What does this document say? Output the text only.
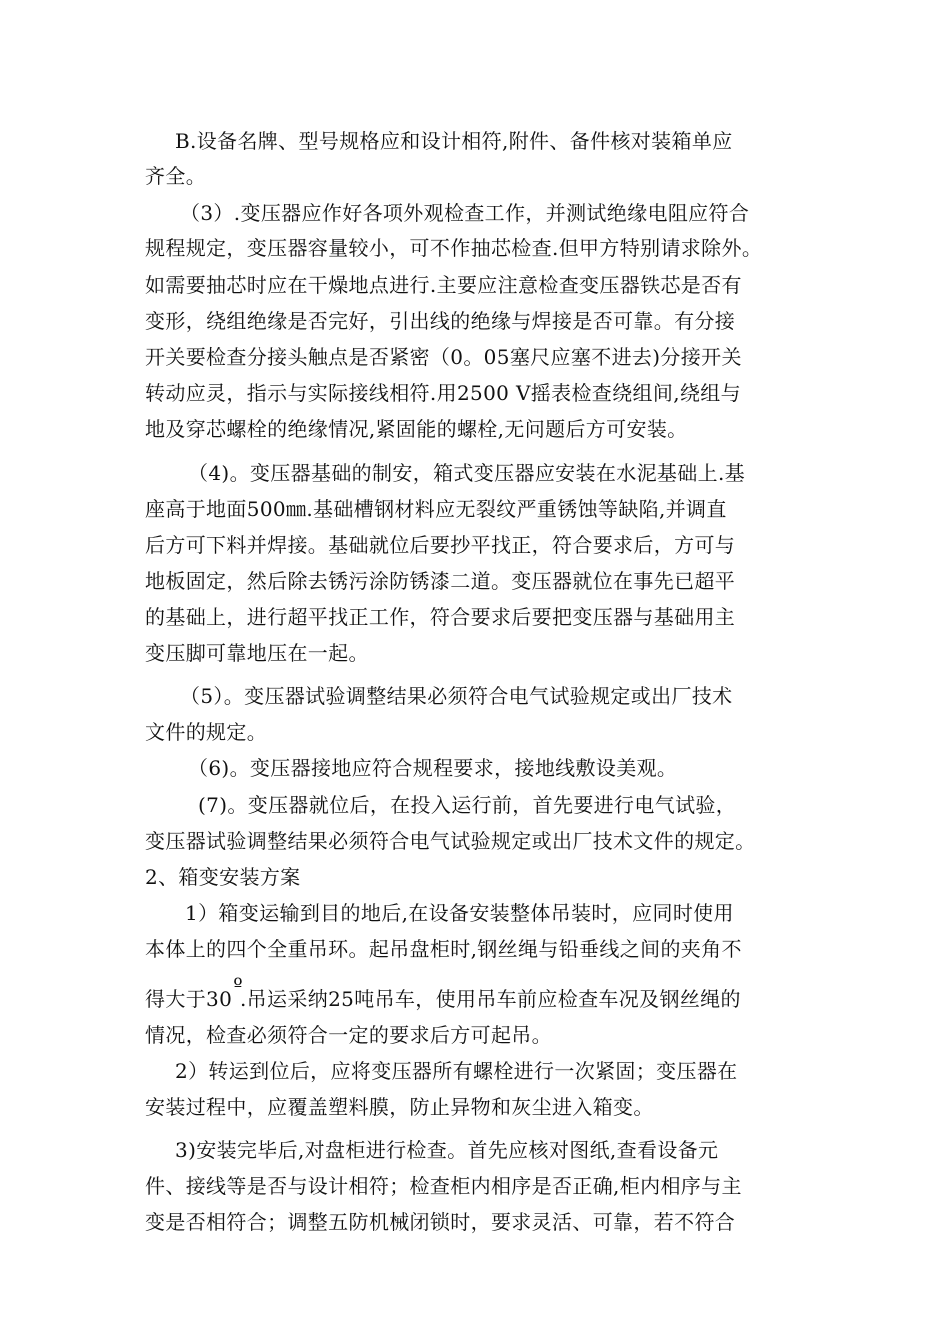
B.设备名牌、型号规格应和设计相符,附件、备件核对装箱单应
齐全。
（3）.变压器应作好各项外观检查工作，并测试绝缘电阻应符合
规程规定，变压器容量较小，可不作抽芯检查.但甲方特别请求除外。
如需要抽芯时应在干燥地点进行.主要应注意检查变压器铁芯是否有
变形，绕组绝缘是否完好，引出线的绝缘与焊接是否可靠。有分接
开关要检查分接头触点是否紧密（0。05塞尺应塞不进去)分接开关
转动应灵，指示与实际接线相符.用2500 V摇表检查绕组间,绕组与
地及穿芯螺栓的绝缘情况,紧固能的螺栓,无问题后方可安装。
（4)。变压器基础的制安，箱式变压器应安装在水泥基础上.基
座高于地面500㎜.基础槽钢材料应无裂纹严重锈蚀等缺陷,并调直
后方可下料并焊接。基础就位后要抄平找正，符合要求后，方可与
地板固定，然后除去锈污涂防锈漆二道。变压器就位在事先已超平
的基础上，进行超平找正工作，符合要求后要把变压器与基础用主
变压脚可靠地压在一起。
（5）。变压器试验调整结果必须符合电气试验规定或出厂技术
文件的规定。
（6)。变压器接地应符合规程要求，接地线敷设美观。
(7)。变压器就位后，在投入运行前，首先要进行电气试验，
变压器试验调整结果必须符合电气试验规定或出厂技术文件的规定。
2、箱变安装方案
1）箱变运输到目的地后,在设备安装整体吊装时，应同时使用
本体上的四个全重吊环。起吊盘柜时,钢丝绳与铅垂线之间的夹角不
得大于30º.吊运采纳25吨吊车，使用吊车前应检查车况及钢丝绳的
情况，检查必须符合一定的要求后方可起吊。
2）转运到位后，应将变压器所有螺栓进行一次紧固；变压器在
安装过程中，应覆盖塑料膜，防止异物和灰尘进入箱变。
3)安装完毕后,对盘柜进行检查。首先应核对图纸,查看设备元
件、接线等是否与设计相符；检查柜内相序是否正确,柜内相序与主
变是否相符合；调整五防机械闭锁时，要求灵活、可靠，若不符合
